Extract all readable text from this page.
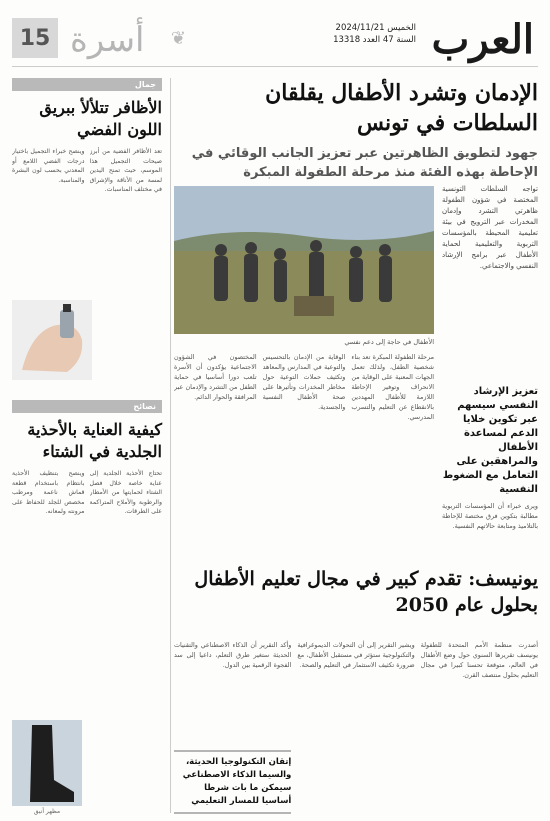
العرب
الخميس 2024/11/21
السنة 47 العدد 13318
❦
أسرة
15
الإدمان وتشرد الأطفال يقلقان
السلطات في تونس

جهود لتطويق الظاهرتين عبر تعزيز الجانب الوقائي في الإحاطة بهذه الفئة منذ مرحلة الطفولة المبكرة

تواجه السلطات التونسية المختصة في شؤون الطفولة ظاهرتي التشرد وإدمان المخدرات عبر الترويج في بيئة تعليمية المحيطة بالمؤسسات التربوية والتعليمية لحماية الأطفال عبر برامج الإرشاد النفسي والاجتماعي.
الأطفال في حاجة إلى دعم نفسي
مرحلة الطفولة المبكرة تعد بناء شخصية الطفل، ولذلك تعمل الجهات المعنية على الوقاية من الانحراف وتوفير الإحاطة اللازمة للأطفال المهددين بالانقطاع عن التعليم والتسرب المدرسي.
الوقاية من الإدمان بالتحسيس والتوعية في المدارس والمعاهد وتكثيف حملات التوعية حول مخاطر المخدرات وتأثيرها على صحة الأطفال النفسية والجسدية.
المختصون في الشؤون الاجتماعية يؤكدون أن الأسرة تلعب دورا أساسيا في حماية الطفل من التشرد والإدمان عبر المرافقة والحوار الدائم.	تعزيز الإرشاد النفسي سيسهم عبر تكوين خلايا الدعم لمساعدة الأطفال والمراهقين على التعامل مع الضغوط النفسية

ويرى خبراء أن المؤسسات التربوية مطالبة بتكوين فرق مختصة للإحاطة بالتلاميذ ومتابعة حالاتهم النفسية.

يونيسف: تقدم كبير في مجال تعليم الأطفال
بحلول عام 2050
أصدرت منظمة الأمم المتحدة للطفولة يونيسف تقريرها السنوي حول وضع الأطفال في العالم، متوقعة تحسنا كبيرا في مجال التعليم بحلول منتصف القرن.
ويشير التقرير إلى أن التحولات الديموغرافية والتكنولوجية ستؤثر في مستقبل الأطفال، مع ضرورة تكثيف الاستثمار في التعليم والصحة.
وأكد التقرير أن الذكاء الاصطناعي والتقنيات الحديثة ستغير طرق التعلم، داعيا إلى سد الفجوة الرقمية بين الدول.
إتقان التكنولوجيا الحديثة، والسيما الذكاء الاصطناعي سيمكن ما بات شرطا أساسيا للمسار التعليمي
جمال
الأظافر تتلألأ ببريق اللون الفضي
تعد الأظافر الفضية من أبرز صيحات التجميل هذا الموسم، حيث تمنح اليدين لمسة من الأناقة والإشراق في مختلف المناسبات.
وينصح خبراء التجميل باختيار درجات الفضي اللامع أو المعدني بحسب لون البشرة والمناسبة.
نصائح
كيفية العناية بالأحذية الجلدية في الشتاء
تحتاج الأحذية الجلدية إلى عناية خاصة خلال فصل الشتاء لحمايتها من الأمطار والرطوبة والأملاح المتراكمة على الطرقات.
وينصح بتنظيف الأحذية بانتظام باستخدام قطعة قماش ناعمة ومرطب مخصص للجلد للحفاظ على مرونته ولمعانه.
مظهر أنيق
